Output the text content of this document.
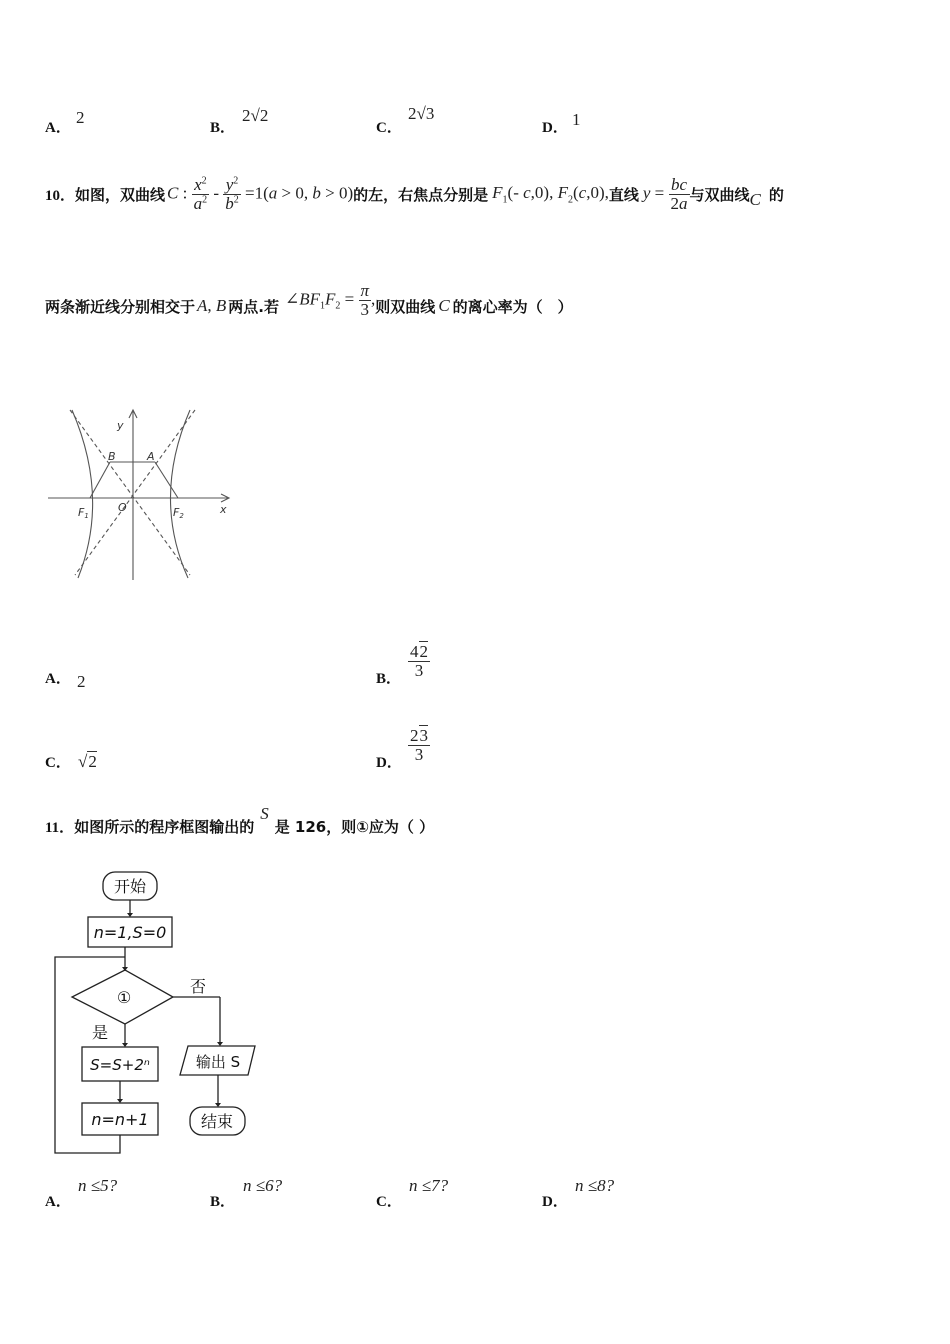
A．
2
B．
2√2
C．
2√3
D． 1
10． 如图，双曲线 C : $\frac{x^2}{a^2} - \frac{y^2}{b^2} =1(a > 0$, b > 0) 的左，右焦点分别是 $F_1(-$ c,0), $F_2(c,0)$, 直线 $y = \frac{bc}{2a}$ 与双曲线 C 的
两条渐近线分别相交于 A, B 两点.若 $\angle BF_1F_2 = \frac{\pi}{3}$ , 则双曲线 C 的离心率为（　）
y
B	A
O
F1	F2	x
A． 2	B． $\frac{42}{3}$
C． √2	D． $\frac{23}{3}$
11． 如图所示的程序框图输出的
S
是 126，则①应为（ ）
开始
n=1,S=0
①
否
是
S=S+2ⁿ	输出 S
n=n+1	结束
A．
n ≤5?
B．
n ≤6?
C．
n ≤7?
D．
n ≤8?
